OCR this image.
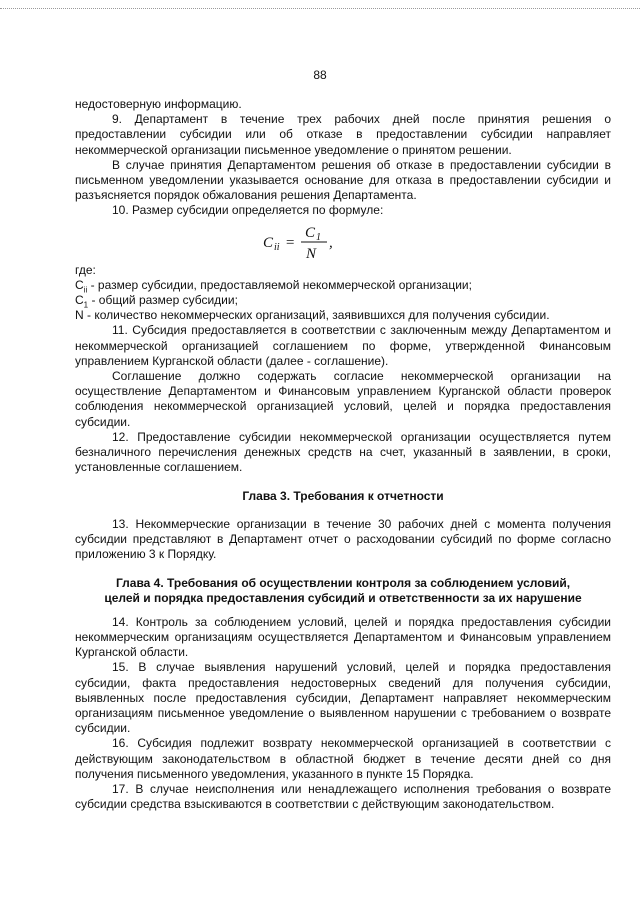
88

недостоверную информацию.

9. Департамент в течение трех рабочих дней после принятия решения о предоставлении субсидии или об отказе в предоставлении субсидии направляет некоммерческой организации письменное уведомление о принятом решении.

В случае принятия Департаментом решения об отказе в предоставлении субсидии в письменном уведомлении указывается основание для отказа в предоставлении субсидии и разъясняется порядок обжалования решения Департамента.

10. Размер субсидии определяется по формуле:

C ii =
C 1
N
,

где:

$C_{ii}$ - размер субсидии, предоставляемой некоммерческой организации;

$C_1$ - общий размер субсидии;

N - количество некоммерческих организаций, заявившихся для получения субсидии.

11. Субсидия предоставляется в соответствии с заключенным между Департаментом и некоммерческой организацией соглашением по форме, утвержденной Финансовым управлением Курганской области (далее - соглашение).

Соглашение должно содержать согласие некоммерческой организации на осуществление Департаментом и Финансовым управлением Курганской области проверок соблюдения некоммерческой организацией условий, целей и порядка предоставления субсидии.

12. Предоставление субсидии некоммерческой организации осуществляется путем безналичного перечисления денежных средств на счет, указанный в заявлении, в сроки, установленные соглашением.

Глава 3. Требования к отчетности

13. Некоммерческие организации в течение 30 рабочих дней с момента получения субсидии представляют в Департамент отчет о расходовании субсидий по форме согласно приложению 3 к Порядку.

Глава 4. Требования об осуществлении контроля за соблюдением условий,
целей и порядка предоставления субсидий и ответственности за их нарушение

14. Контроль за соблюдением условий, целей и порядка предоставления субсидии некоммерческим организациям осуществляется Департаментом и Финансовым управлением Курганской области.

15. В случае выявления нарушений условий, целей и порядка предоставления субсидии, факта предоставления недостоверных сведений для получения субсидии, выявленных после предоставления субсидии, Департамент направляет некоммерческим организациям письменное уведомление о выявленном нарушении с требованием о возврате субсидии.

16. Субсидия подлежит возврату некоммерческой организацией в соответствии с действующим законодательством в областной бюджет в течение десяти дней со дня получения письменного уведомления, указанного в пункте 15 Порядка.

17. В случае неисполнения или ненадлежащего исполнения требования о возврате субсидии средства взыскиваются в соответствии с действующим законодательством.
